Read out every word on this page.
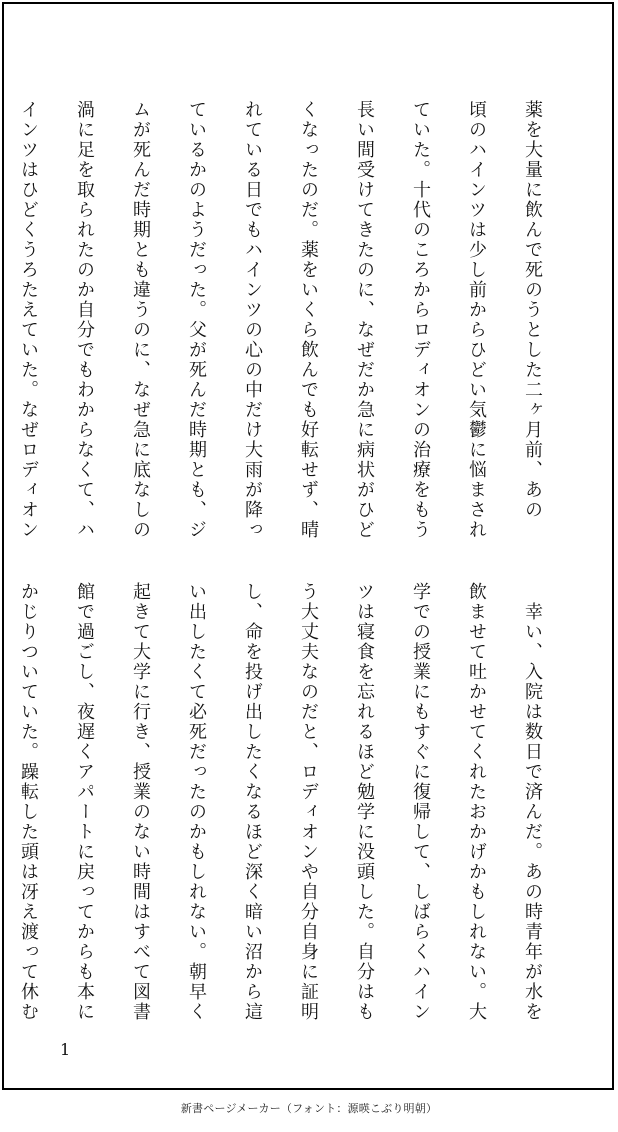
薬を大量に飲んで死のうとした二ヶ月前、あの

頃のハインツは少し前からひどい気鬱に悩まされ

ていた。十代のころからロディオンの治療をもう

長い間受けてきたのに、なぜだか急に病状がひど

くなったのだ。薬をいくら飲んでも好転せず、晴

れている日でもハインツの心の中だけ大雨が降っ

ているかのようだった。父が死んだ時期とも、ジ

ムが死んだ時期とも違うのに、なぜ急に底なしの

渦に足を取られたのか自分でもわからなくて、ハ

インツはひどくうろたえていた。なぜロディオン

　幸い、入院は数日で済んだ。あの時青年が水を

飲ませて吐かせてくれたおかげかもしれない。大

学での授業にもすぐに復帰して、しばらくハイン

ツは寝食を忘れるほど勉学に没頭した。自分はも

う大丈夫なのだと、ロディオンや自分自身に証明

し、命を投げ出したくなるほど深く暗い沼から這

い出したくて必死だったのかもしれない。朝早く

起きて大学に行き、授業のない時間はすべて図書

館で過ごし、夜遅くアパートに戻ってからも本に

かじりついていた。躁転した頭は冴え渡って休む

1
新書ページメーカー（フォント：源暎こぶり明朝）
